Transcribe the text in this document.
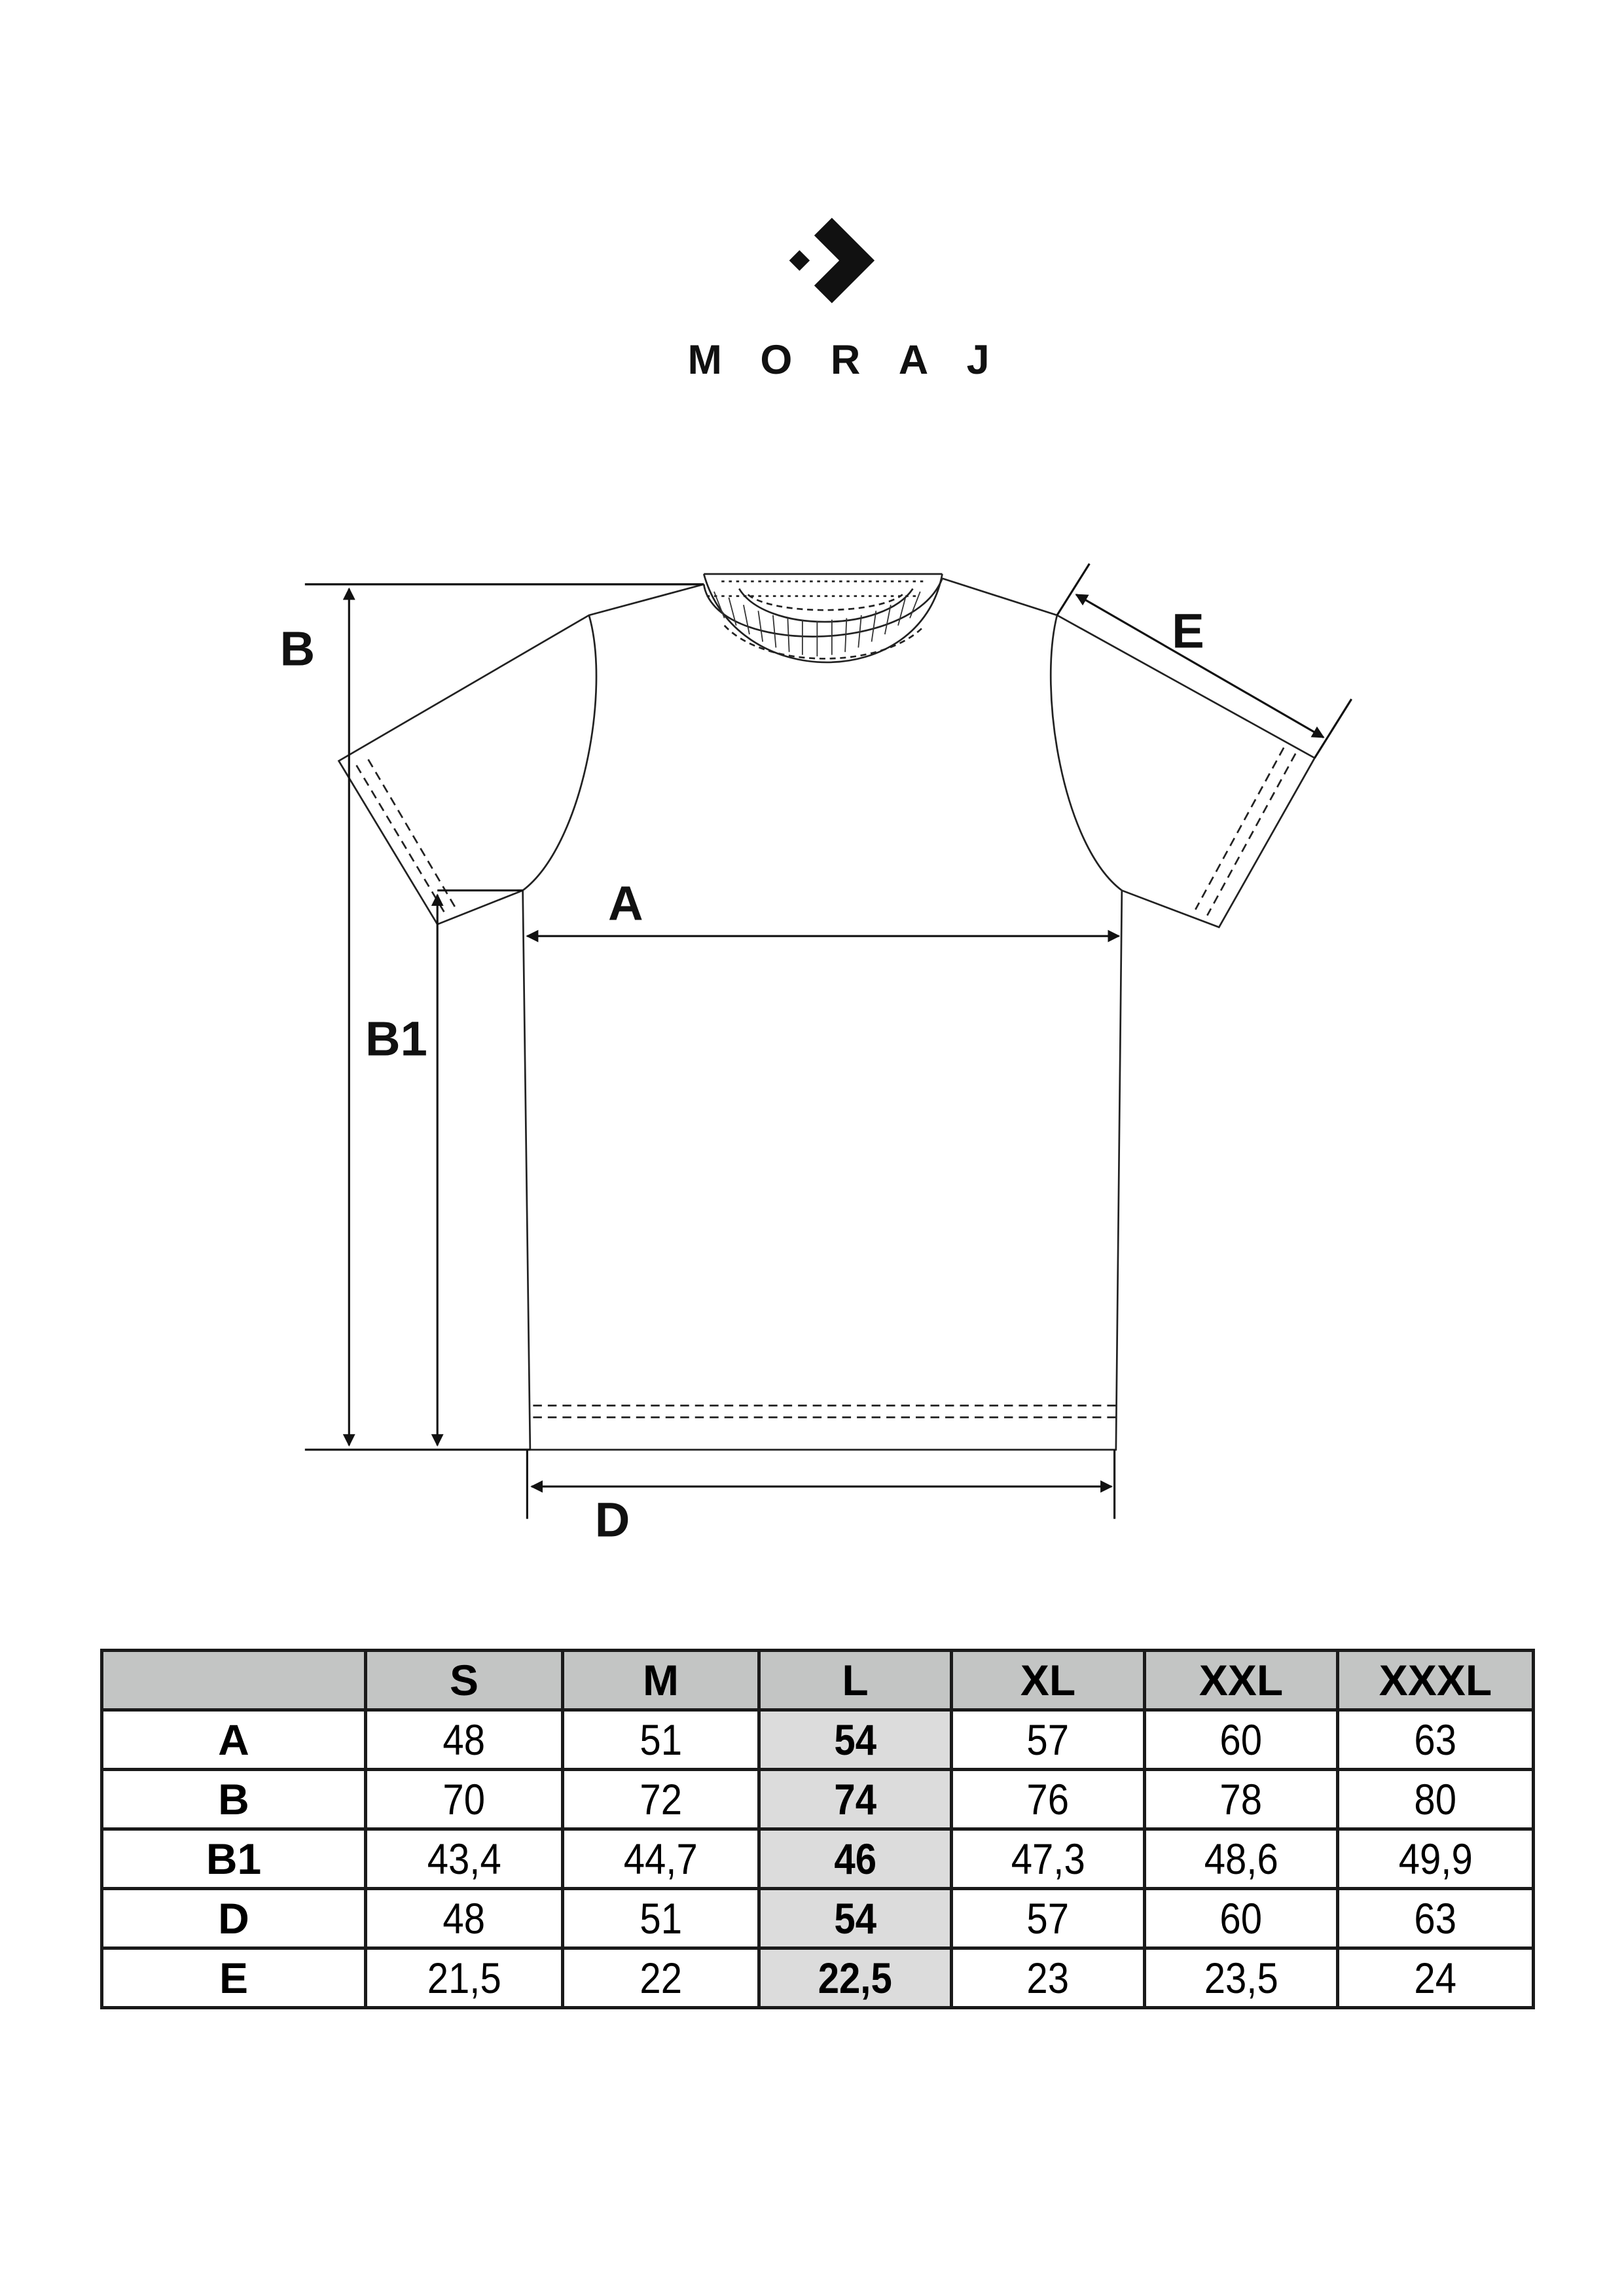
MORAJ
B
B1
A
E
D
	S	M	L	XL	XXL	XXXL
A	48	51	54	57	60	63
B	70	72	74	76	78	80
B1	43,4	44,7	46	47,3	48,6	49,9
D	48	51	54	57	60	63
E	21,5	22	22,5	23	23,5	24
